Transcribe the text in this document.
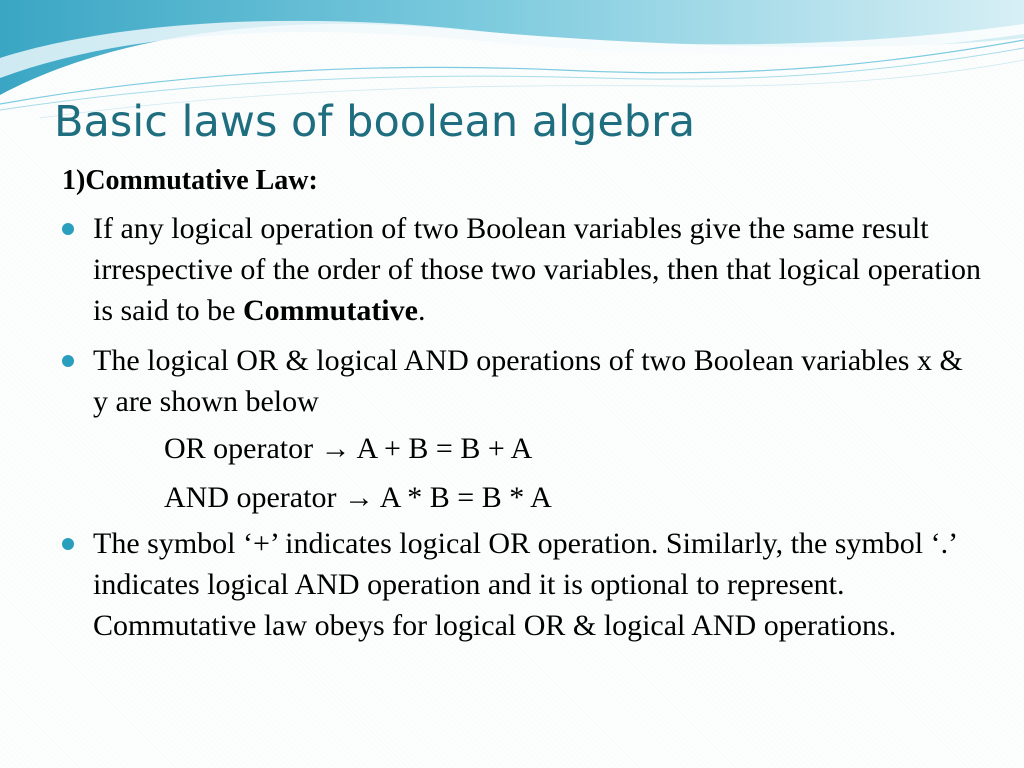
Basic laws of boolean algebra
1)Commutative Law:
If any logical operation of two Boolean variables give the same result irrespective of the order of those two variables, then that logical operation is said to be Commutative.
The logical OR & logical AND operations of two Boolean variables x & y are shown below
OR operator → A + B = B + A
AND operator → A * B = B * A
The symbol ‘+’ indicates logical OR operation. Similarly, the symbol ‘.’ indicates logical AND operation and it is optional to represent. Commutative law obeys for logical OR & logical AND operations.
